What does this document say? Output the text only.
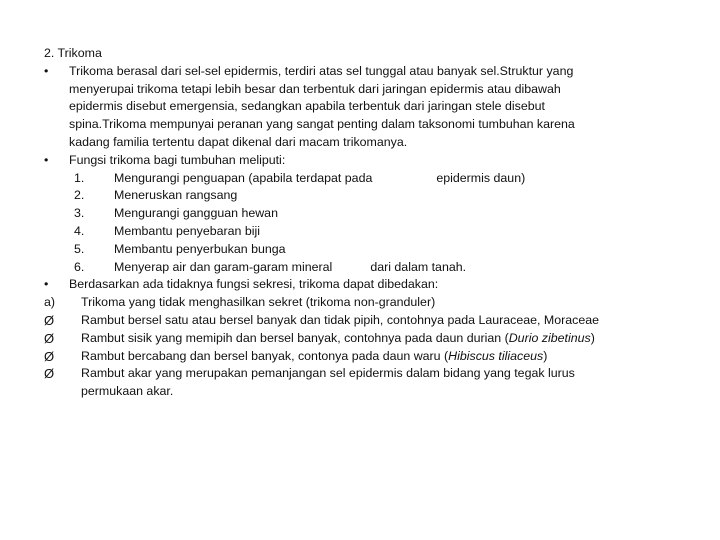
2. Trikoma
•	Trikoma berasal dari sel-sel epidermis, terdiri atas sel tunggal atau banyak sel.Struktur yang
menyerupai trikoma tetapi lebih besar dan terbentuk dari jaringan epidermis atau dibawah
epidermis disebut emergensia, sedangkan apabila terbentuk dari jaringan stele disebut
spina.Trikoma mempunyai peranan yang sangat penting dalam taksonomi tumbuhan karena
kadang familia tertentu dapat dikenal dari macam trikomanya.
•	Fungsi trikoma bagi tumbuhan meliputi:
1. Mengurangi penguapan (apabila terdapat pada	epidermis daun)
2. Meneruskan rangsang
3. Mengurangi gangguan hewan
4. Membantu penyebaran biji
5. Membantu penyerbukan bunga
6. Menyerap air dan garam-garam mineral	dari dalam tanah.
•	Berdasarkan ada tidaknya fungsi sekresi, trikoma dapat dibedakan:
a) Trikoma yang tidak menghasilkan sekret (trikoma non-granduler)
Ø Rambut bersel satu atau bersel banyak dan tidak pipih, contohnya pada Lauraceae, Moraceae
Ø Rambut sisik yang memipih dan bersel banyak, contohnya pada daun durian (Durio zibetinus)
Ø Rambut bercabang dan bersel banyak, contonya pada daun waru (Hibiscus tiliaceus)
Ø	Rambut akar yang merupakan pemanjangan sel epidermis dalam bidang yang tegak lurus
permukaan akar.
